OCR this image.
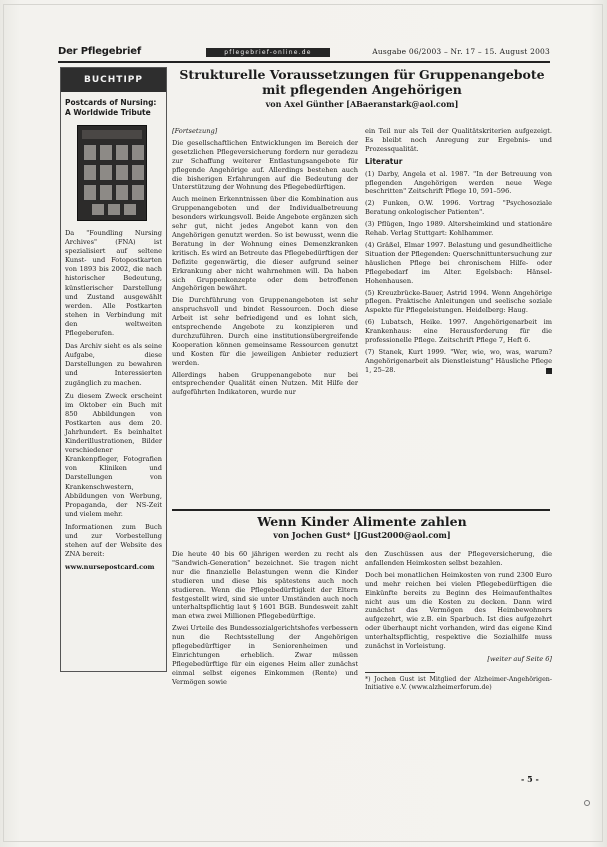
Der Pflegebrief	pflegebrief-online.de	Ausgabe 06/2003 – Nr. 17 – 15. August 2003
BUCHTIPP
Postcards of Nursing: A Worldwide Tribute

Da "Foundling Nursing Archives" (FNA) ist spezialisiert auf seltene Kunst- und Fotopostkarten von 1893 bis 2002, die nach historischer Bedeutung, künstlerischer Darstellung und Zustand ausgewählt werden. Alle Postkarten stehen in Verbindung mit den weltweiten Pflegeberufen.

Das Archiv sieht es als seine Aufgabe, diese Darstellungen zu bewahren und Interessierten zugänglich zu machen.

Zu diesem Zweck erscheint im Oktober ein Buch mit 850 Abbildungen von Postkarten aus dem 20. Jahrhundert. Es beinhaltet Kinderillustrationen, Bilder verschiedener Krankenpfleger, Fotografien von Kliniken und Darstellungen von Krankenschwestern, Abbildungen von Werbung, Propaganda, der NS-Zeit und vielem mehr.

Informationen zum Buch und zur Vorbestellung stehen auf der Website des ZNA bereit:

www.nursepostcard.com

Strukturelle Voraussetzungen für Gruppenangebote mit pflegenden Angehörigen
von Axel Günther [ABaeranstark@aol.com]

[Fortsetzung]

Die gesellschaftlichen Entwicklungen im Bereich der gesetzlichen Pflegeversicherung fordern nur geradezu zur Schaffung weiterer Entlastungsangebote für pflegende Angehörige auf. Allerdings bestehen auch die bisherigen Erfahrungen auf die Bedeutung der Unterstützung der Wohnung des Pflegebedürftigen.

Auch meinen Erkenntnissen über die Kombination aus Gruppenangeboten und der Individualbetreuung besonders wirkungsvoll. Beide Angebote ergänzen sich sehr gut, nicht jedes Angebot kann von den Angehörigen genutzt werden. So ist bewusst, wenn die Beratung in der Wohnung eines Demenzkranken kritisch. Es wird an Betreute das Pflegebedürftigen der Defizite gegenwärtig, die dieser aufgrund seiner Erkrankung aber nicht wahrnehmen will. Da haben sich Gruppenkonzepte oder dem betroffenen Angehörigen bewährt.

Die Durchführung von Gruppenangeboten ist sehr anspruchsvoll und bindet Ressourcen. Doch diese Arbeit ist sehr befriedigend und es lohnt sich, entsprechende Angebote zu konzipieren und durchzuführen. Durch eine institutionsübergreifende Kooperation können gemeinsame Ressourcen genutzt und Kosten für die jeweiligen Anbieter reduziert werden.

Allerdings haben Gruppenangebote nur bei entsprechender Qualität einen Nutzen. Mit Hilfe der aufgeführten Indikatoren, wurde nur

ein Teil nur als Teil der Qualitätskriterien aufgezeigt. Es bleibt noch Anregung zur Ergebnis- und Prozessqualität.

Literatur

(1) Darby, Angela et al. 1987. "In der Betreuung von pflegenden Angehörigen werden neue Wege beschritten" Zeitschrift Pflege 10, 591–596.

(2) Funken, O.W. 1996. Vortrag "Psychosoziale Beratung onkologischer Patienten".

(3) Pflügen, Ingo 1989. Altersheimkind und stationäre Rehab. Verlag Stuttgart: Kohlhammer.

(4) Gräßel, Elmar 1997. Belastung und gesundheitliche Situation der Pflegenden: Querschnittuntersuchung zur häuslichen Pflege bei chronischem Hilfe- oder Pflegebedarf im Alter. Egelsbach: Hänsel-Hohenhausen.

(5) Kreuzbrücke-Bauer, Astrid 1994. Wenn Angehörige pflegen. Praktische Anleitungen und seelische soziale Aspekte für Pflegeleistungen. Heidelberg: Haug.

(6) Lubatsch, Heike. 1997. Angehörigenarbeit im Krankenhaus: eine Herausforderung für die professionelle Pflege. Zeitschrift Pflege 7, Heft 6.

(7) Stanek, Kurt 1999. "Wer, wie, wo, was, warum? Angehörigenarbeit als Dienstleistung" Häusliche Pflege 1, 25–28.

Wenn Kinder Alimente zahlen
von Jochen Gust* [JGust2000@aol.com]

Die heute 40 bis 60 jährigen werden zu recht als "Sandwich-Generation" bezeichnet. Sie tragen nicht nur die finanzielle Belastungen wenn die Kinder studieren und diese bis spätestens auch noch studieren. Wenn die Pflegebedürftigkeit der Eltern festgestellt wird, sind sie unter Umständen auch noch unterhaltspflichtig laut § 1601 BGB. Bundesweit zahlt man etwa zwei Millionen Pflegebedürftige.

Zwei Urteile des Bundessozialgerichtshofes verbessern nun die Rechtsstellung der Angehörigen pflegebedürftiger in Seniorenheimen und Einrichtungen erheblich. Zwar müssen Pflegebedürftige für ein eigenes Heim aller zunächst einmal selbst eigenes Einkommen (Rente) und Vermögen sowie

den Zuschüssen aus der Pflegeversicherung, die anfallenden Heimkosten selbst bezahlen.

Doch bei monatlichen Heimkosten von rund 2300 Euro und mehr reichen bei vielen Pflegebedürftigen die Einkünfte bereits zu Beginn des Heimaufenthaltes nicht aus um die Kosten zu decken. Dann wird zunächst das Vermögen des Heimbewohners aufgezehrt, wie z.B. ein Sparbuch. Ist dies aufgezehrt oder überhaupt nicht vorhanden, wird das eigene Kind unterhaltspflichtig, respektive die Sozialhilfe muss zunächst in Vorleistung.

[weiter auf Seite 6]

*) Jochen Gust ist Mitglied der Alzheimer-Angehörigen-Initiative e.V. (www.alzheimerforum.de)

- 5 -
